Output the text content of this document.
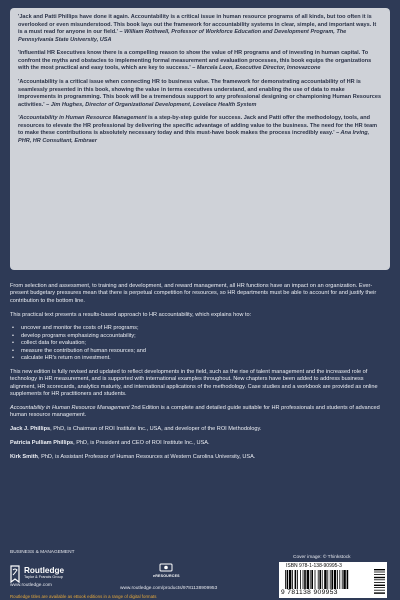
'Jack and Patti Phillips have done it again. Accountability is a critical issue in human resource programs of all kinds, but too often it is overlooked or even misunderstood. This book lays out the framework for accountability systems in clear, simple, and important ways. It is a must read for anyone in our field.' – William Rothwell, Professor of Workforce Education and Development Program, The Pennsylvania State University, USA

'Influential HR Executives know there is a compelling reason to show the value of HR programs and of investing in human capital. To confront the myths and obstacles to implementing formal measurement and evaluation processes, this book equips the organizations with the most practical and easy tools, which are key to success.' – Marcela Leon, Executive Director, Innovazcone

'Accountability is a critical issue when connecting HR to business value. The framework for demonstrating accountability of HR is seamlessly presented in this book, showing the value in terms executives understand, and enabling the use of data to make improvements in programming. This book will be a tremendous support to any professional designing or championing Human Resources activities.' – Jim Hughes, Director of Organizational Development, Lovelace Health System

'Accountability in Human Resource Management is a step-by-step guide for success. Jack and Patti offer the methodology, tools, and resources to elevate the HR professional by delivering the specific advantage of adding value to the business. The need for the HR team to make these contributions is absolutely necessary today and this must-have book makes the process incredibly easy.' – Ana Irving, PHR, HR Consultant, Embraer

From selection and assessment, to training and development, and reward management, all HR functions have an impact on an organization. Ever-present budgetary pressures mean that there is perpetual competition for resources, so HR departments must be able to account for and justify their contribution to the bottom line.

This practical text presents a results-based approach to HR accountability, which explains how to:

• uncover and monitor the costs of HR programs;
• develop programs emphasizing accountability;
• collect data for evaluation;
• measure the contribution of human resources; and
• calculate HR's return on investment.

This new edition is fully revised and updated to reflect developments in the field, such as the rise of talent management and the increased role of technology in HR measurement, and is supported with international examples throughout. New chapters have been added to address business alignment, HR scorecards, analytics maturity, and international applications of the methodology. Case studies and a workbook are provided as online supplements for HR practitioners and students.

Accountability in Human Resource Management 2nd Edition is a complete and detailed guide suitable for HR professionals and students of advanced human resource management.

Jack J. Phillips, PhD, is Chairman of ROI Institute Inc., USA, and developer of the ROI Methodology.

Patricia Pulliam Phillips, PhD, is President and CEO of ROI Institute Inc., USA.

Kirk Smith, PhD, is Assistant Professor of Human Resources at Western Carolina University, USA.

BUSINESS & MANAGEMENT
Cover image: © Thinkstock
Routledge
Taylor & Francis Group
www.routledge.com
eRESOURCES
www.routledge.com/products/9781138909953
Routledge titles are available as eBook editions in a range of digital formats
ISBN 978-1-138-90995-3
9 781138 909953
